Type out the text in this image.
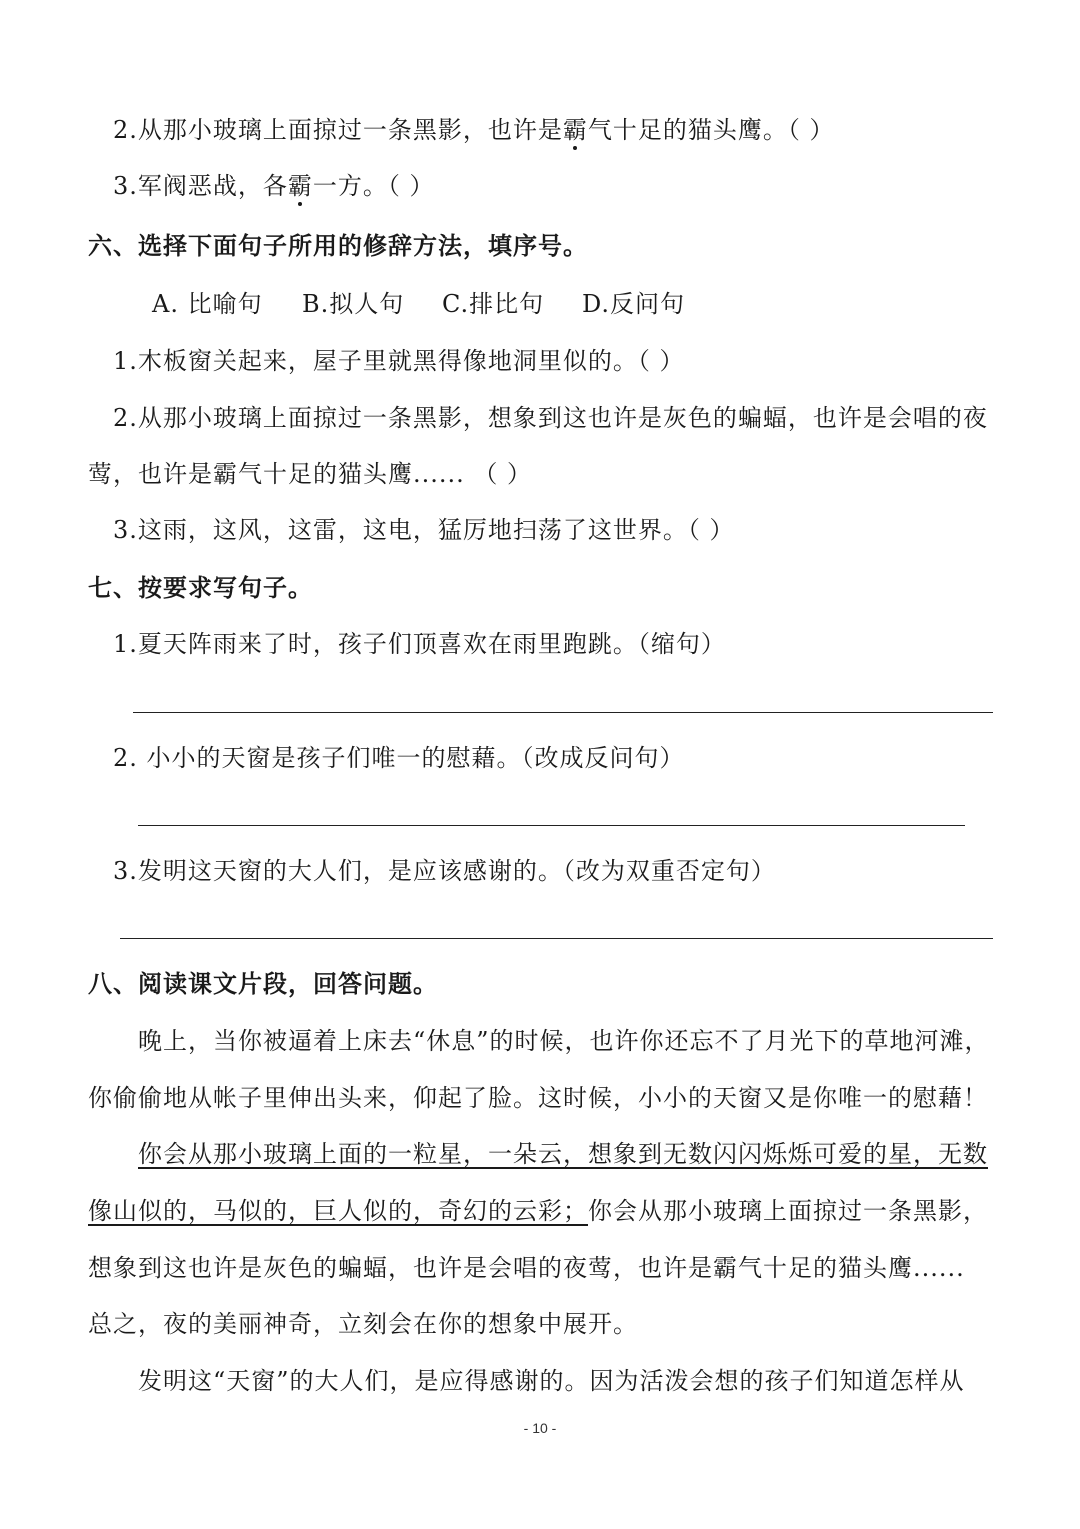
2.从那小玻璃上面掠过一条黑影，也许是霸气十足的猫头鹰。（ ）
3.军阀恶战，各霸一方。（ ）
六、选择下面句子所用的修辞方法，填序号。
A. 比喻句 B.拟人句 C.排比句 D.反问句
1.木板窗关起来，屋子里就黑得像地洞里似的。（ ）
2.从那小玻璃上面掠过一条黑影，想象到这也许是灰色的蝙蝠，也许是会唱的夜
莺，也许是霸气十足的猫头鹰...... （ ）
3.这雨，这风，这雷，这电，猛厉地扫荡了这世界。（ ）
七、按要求写句子。
1.夏天阵雨来了时，孩子们顶喜欢在雨里跑跳。（缩句）
2. 小小的天窗是孩子们唯一的慰藉。（改成反问句）
3.发明这天窗的大人们，是应该感谢的。（改为双重否定句）
八、阅读课文片段，回答问题。
晚上，当你被逼着上床去“休息”的时候，也许你还忘不了月光下的草地河滩，
你偷偷地从帐子里伸出头来，仰起了脸。这时候，小小的天窗又是你唯一的慰藉！
你会从那小玻璃上面的一粒星，一朵云，想象到无数闪闪烁烁可爱的星，无数
像山似的，马似的，巨人似的，奇幻的云彩；你会从那小玻璃上面掠过一条黑影，
想象到这也许是灰色的蝙蝠，也许是会唱的夜莺，也许是霸气十足的猫头鹰......
总之，夜的美丽神奇，立刻会在你的想象中展开。
发明这“天窗”的大人们，是应得感谢的。因为活泼会想的孩子们知道怎样从
- 10 -
